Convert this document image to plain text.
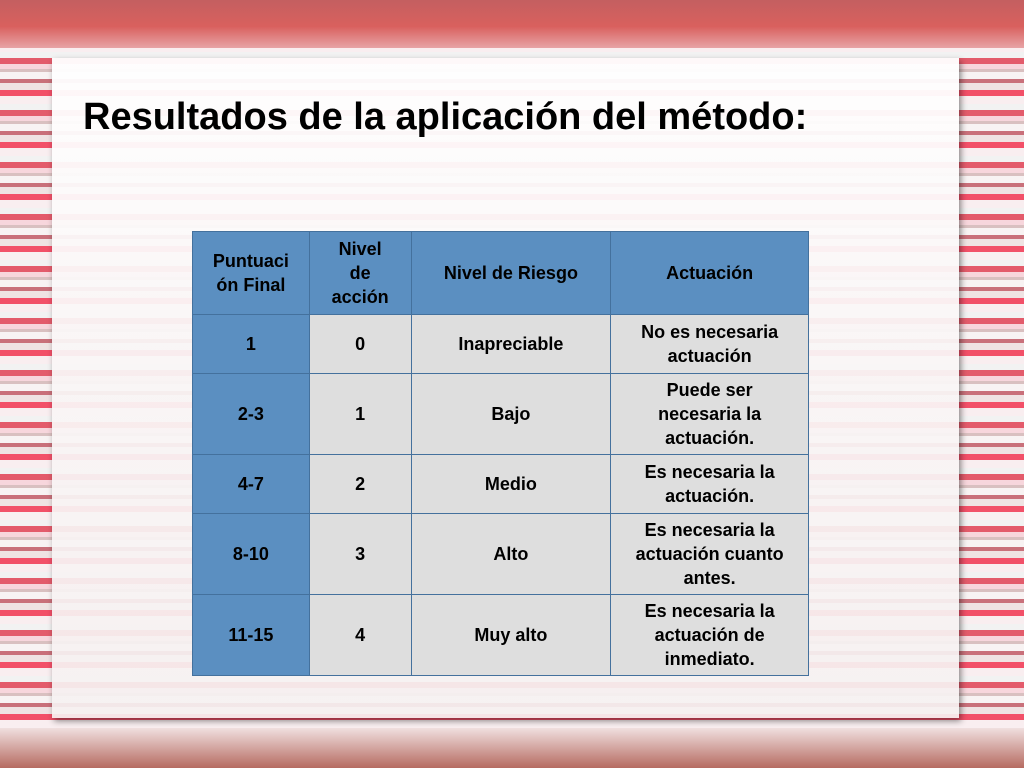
Resultados de la aplicación del método:
Puntuaci
ón Final	Nivel
de
acción	Nivel de Riesgo	Actuación
1	0	Inapreciable	No es necesaria
actuación
2-3	1	Bajo	Puede ser
necesaria la
actuación.
4-7	2	Medio	Es necesaria la
actuación.
8-10	3	Alto	Es necesaria la
actuación cuanto
antes.
11-15	4	Muy alto	Es necesaria la
actuación de
inmediato.
